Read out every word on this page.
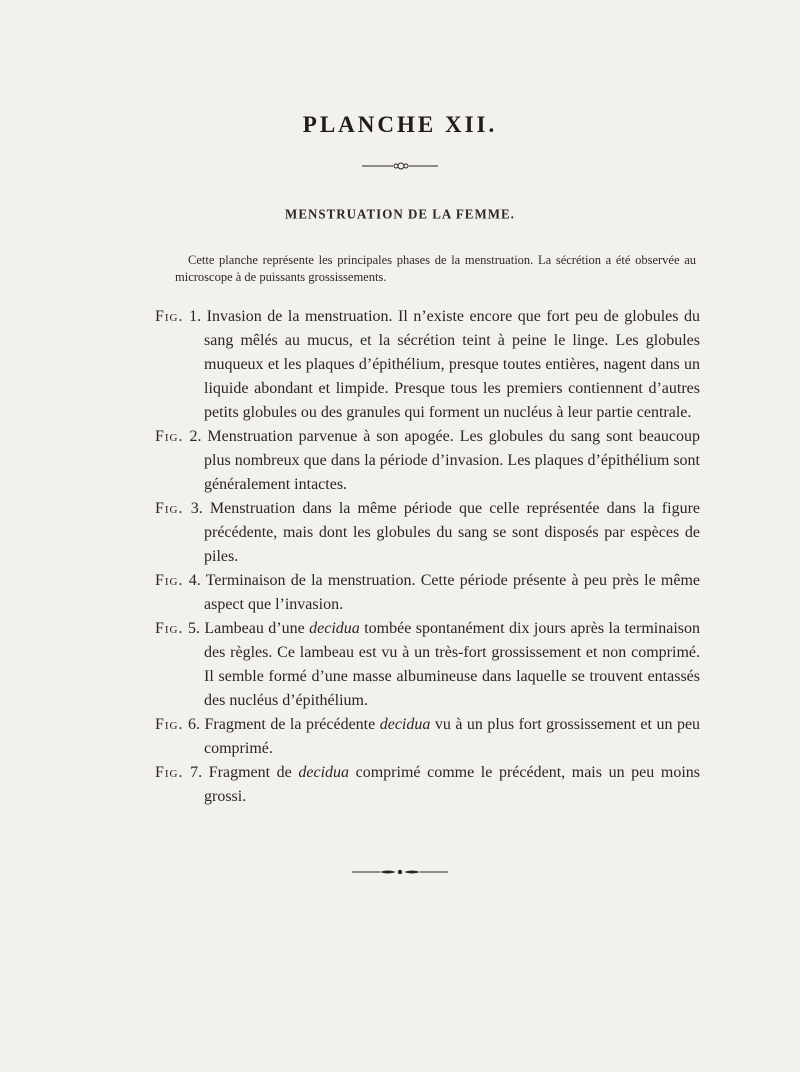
PLANCHE XII.
MENSTRUATION DE LA FEMME.
Cette planche représente les principales phases de la menstruation. La sécrétion a été observée au microscope à de puissants grossissements.

Fig. 1. Invasion de la menstruation. Il n’existe encore que fort peu de globules du sang mêlés au mucus, et la sécrétion teint à peine le linge. Les globules muqueux et les plaques d’épithélium, presque toutes entières, nagent dans un liquide abondant et limpide. Presque tous les premiers contiennent d’autres petits globules ou des granules qui forment un nucléus à leur partie centrale.

Fig. 2. Menstruation parvenue à son apogée. Les globules du sang sont beaucoup plus nombreux que dans la période d’invasion. Les plaques d’épithélium sont généralement intactes.

Fig. 3. Menstruation dans la même période que celle représentée dans la figure précédente, mais dont les globules du sang se sont disposés par espèces de piles.

Fig. 4. Terminaison de la menstruation. Cette période présente à peu près le même aspect que l’invasion.

Fig. 5. Lambeau d’une decidua tombée spontanément dix jours après la terminaison des règles. Ce lambeau est vu à un très-fort grossissement et non comprimé. Il semble formé d’une masse albumineuse dans laquelle se trouvent entassés des nucléus d’épithélium.

Fig. 6. Fragment de la précédente decidua vu à un plus fort grossissement et un peu comprimé.

Fig. 7. Fragment de decidua comprimé comme le précédent, mais un peu moins grossi.
